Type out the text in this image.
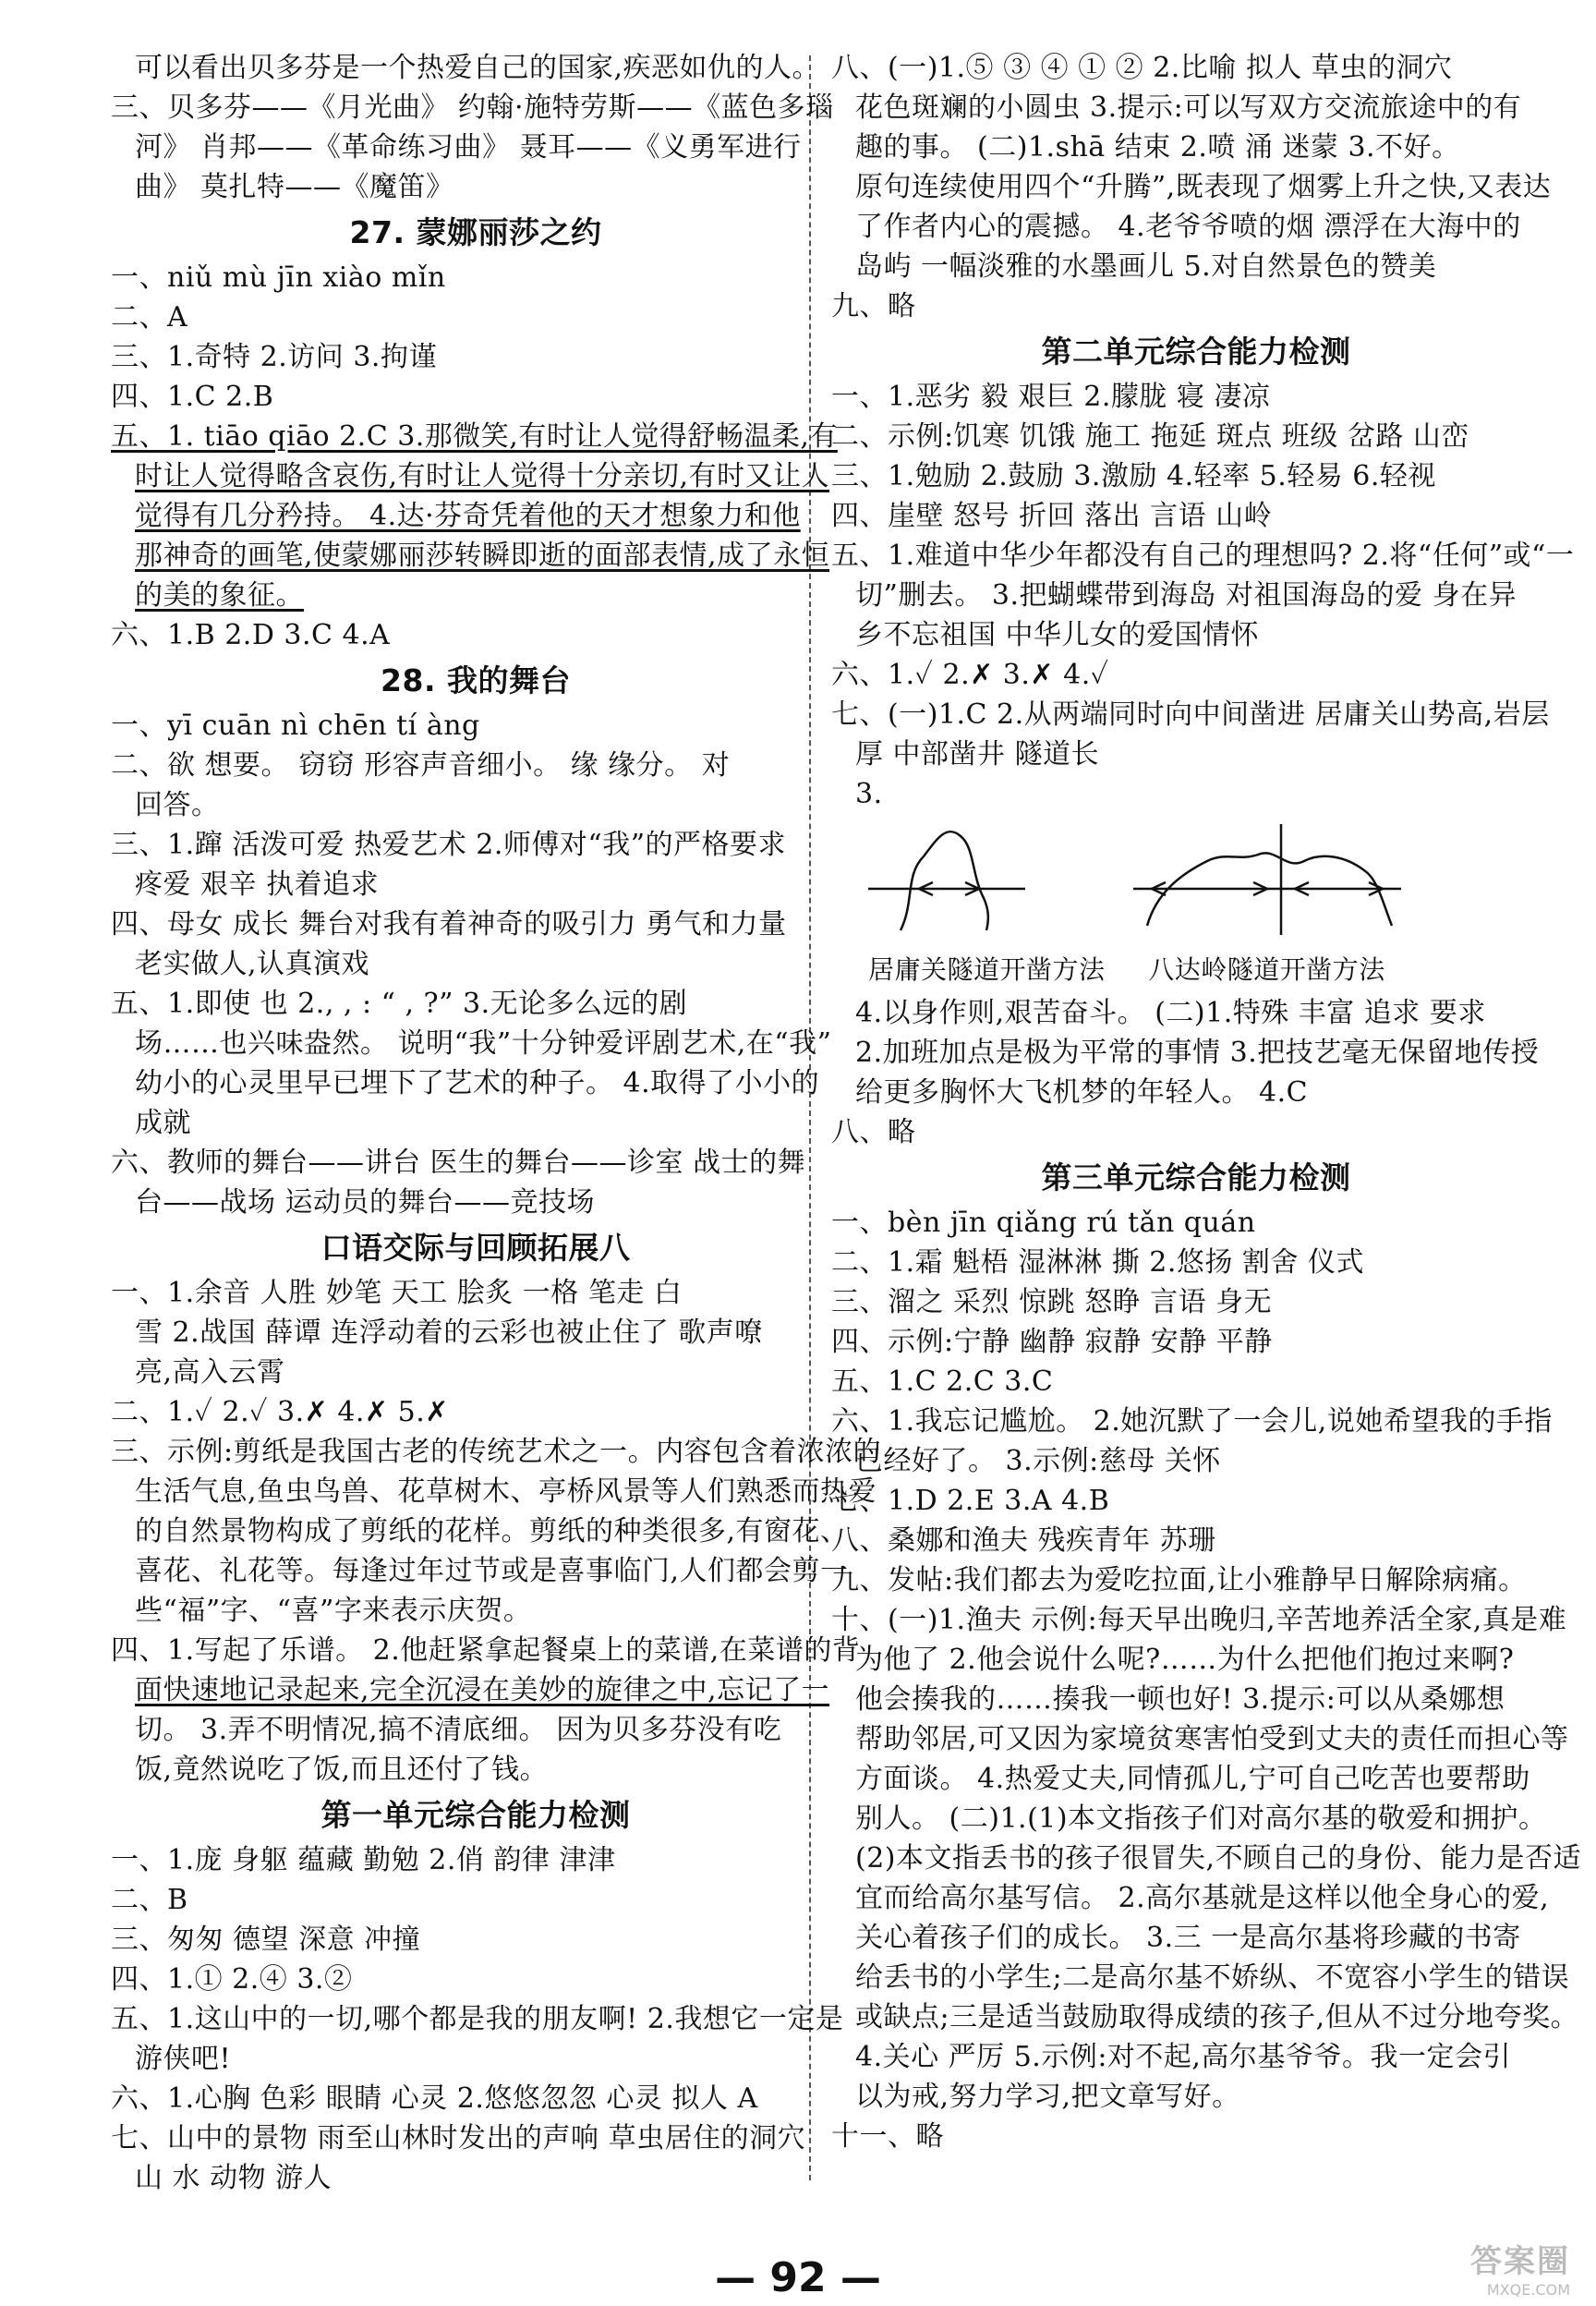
可以看出贝多芬是一个热爱自己的国家,疾恶如仇的人。
三、贝多芬——《月光曲》 约翰·施特劳斯——《蓝色多瑙
河》 肖邦——《革命练习曲》 聂耳——《义勇军进行
曲》 莫扎特——《魔笛》
27. 蒙娜丽莎之约
一、niǔ mù jīn xiào mǐn
二、A
三、1.奇特 2.访问 3.拘谨
四、1.C 2.B
五、1. tiāo qiāo 2.C 3.那微笑,有时让人觉得舒畅温柔,有
时让人觉得略含哀伤,有时让人觉得十分亲切,有时又让人
觉得有几分矜持。 4.达·芬奇凭着他的天才想象力和他
那神奇的画笔,使蒙娜丽莎转瞬即逝的面部表情,成了永恒
的美的象征。
六、1.B 2.D 3.C 4.A
28. 我的舞台
一、yī cuān nì chēn tí àng
二、欲 想要。 窃窃 形容声音细小。 缘 缘分。 对
回答。
三、1.蹿 活泼可爱 热爱艺术 2.师傅对“我”的严格要求
疼爱 艰辛 执着追求
四、母女 成长 舞台对我有着神奇的吸引力 勇气和力量
老实做人,认真演戏
五、1.即使 也 2., , : “ , ?” 3.无论多么远的剧
场……也兴味盎然。 说明“我”十分钟爱评剧艺术,在“我”
幼小的心灵里早已埋下了艺术的种子。 4.取得了小小的
成就
六、教师的舞台——讲台 医生的舞台——诊室 战士的舞
台——战场 运动员的舞台——竞技场
口语交际与回顾拓展八
一、1.余音 人胜 妙笔 天工 脍炙 一格 笔走 白
雪 2.战国 薛谭 连浮动着的云彩也被止住了 歌声嘹
亮,高入云霄
二、1.✓ 2.✓ 3.✗ 4.✗ 5.✗
三、示例:剪纸是我国古老的传统艺术之一。内容包含着浓浓的
生活气息,鱼虫鸟兽、花草树木、亭桥风景等人们熟悉而热爱
的自然景物构成了剪纸的花样。剪纸的种类很多,有窗花、
喜花、礼花等。每逢过年过节或是喜事临门,人们都会剪一
些“福”字、“喜”字来表示庆贺。
四、1.写起了乐谱。 2.他赶紧拿起餐桌上的菜谱,在菜谱的背
面快速地记录起来,完全沉浸在美妙的旋律之中,忘记了一
切。 3.弄不明情况,搞不清底细。 因为贝多芬没有吃
饭,竟然说吃了饭,而且还付了钱。
第一单元综合能力检测
一、1.庞 身躯 蕴藏 勤勉 2.俏 韵律 津津
二、B
三、匆匆 德望 深意 冲撞
四、1.① 2.④ 3.②
五、1.这山中的一切,哪个都是我的朋友啊! 2.我想它一定是
游侠吧!
六、1.心胸 色彩 眼睛 心灵 2.悠悠忽忽 心灵 拟人 A
七、山中的景物 雨至山林时发出的声响 草虫居住的洞穴
山 水 动物 游人
八、(一)1.⑤ ③ ④ ① ② 2.比喻 拟人 草虫的洞穴
花色斑斓的小圆虫 3.提示:可以写双方交流旅途中的有
趣的事。 (二)1.shā 结束 2.喷 涌 迷蒙 3.不好。
原句连续使用四个“升腾”,既表现了烟雾上升之快,又表达
了作者内心的震撼。 4.老爷爷喷的烟 漂浮在大海中的
岛屿 一幅淡雅的水墨画儿 5.对自然景色的赞美
九、略
第二单元综合能力检测
一、1.恶劣 毅 艰巨 2.朦胧 寝 凄凉
二、示例:饥寒 饥饿 施工 拖延 斑点 班级 岔路 山峦
三、1.勉励 2.鼓励 3.激励 4.轻率 5.轻易 6.轻视
四、崖壁 怒号 折回 落出 言语 山岭
五、1.难道中华少年都没有自己的理想吗? 2.将“任何”或“一
切”删去。 3.把蝴蝶带到海岛 对祖国海岛的爱 身在异
乡不忘祖国 中华儿女的爱国情怀
六、1.✓ 2.✗ 3.✗ 4.✓
七、(一)1.C 2.从两端同时向中间凿进 居庸关山势高,岩层
厚 中部凿井 隧道长
3.
居庸关隧道开凿方法	八达岭隧道开凿方法
4.以身作则,艰苦奋斗。 (二)1.特殊 丰富 追求 要求
2.加班加点是极为平常的事情 3.把技艺毫无保留地传授
给更多胸怀大飞机梦的年轻人。 4.C
八、略
第三单元综合能力检测
一、bèn jīn qiǎng rú tǎn quán
二、1.霜 魁梧 湿淋淋 撕 2.悠扬 割舍 仪式
三、溜之 采烈 惊跳 怒睁 言语 身无
四、示例:宁静 幽静 寂静 安静 平静
五、1.C 2.C 3.C
六、1.我忘记尴尬。 2.她沉默了一会儿,说她希望我的手指
已经好了。 3.示例:慈母 关怀
七、1.D 2.E 3.A 4.B
八、桑娜和渔夫 残疾青年 苏珊
九、发帖:我们都去为爱吃拉面,让小雅静早日解除病痛。
十、(一)1.渔夫 示例:每天早出晚归,辛苦地养活全家,真是难
为他了 2.他会说什么呢?……为什么把他们抱过来啊?
他会揍我的……揍我一顿也好! 3.提示:可以从桑娜想
帮助邻居,可又因为家境贫寒害怕受到丈夫的责任而担心等
方面谈。 4.热爱丈夫,同情孤儿,宁可自己吃苦也要帮助
别人。 (二)1.(1)本文指孩子们对高尔基的敬爱和拥护。
(2)本文指丢书的孩子很冒失,不顾自己的身份、能力是否适
宜而给高尔基写信。 2.高尔基就是这样以他全身心的爱,
关心着孩子们的成长。 3.三 一是高尔基将珍藏的书寄
给丢书的小学生;二是高尔基不娇纵、不宽容小学生的错误
或缺点;三是适当鼓励取得成绩的孩子,但从不过分地夸奖。
4.关心 严厉 5.示例:对不起,高尔基爷爷。我一定会引
以为戒,努力学习,把文章写好。
十一、略
— 92 —	答案圈
MXQE.COM
